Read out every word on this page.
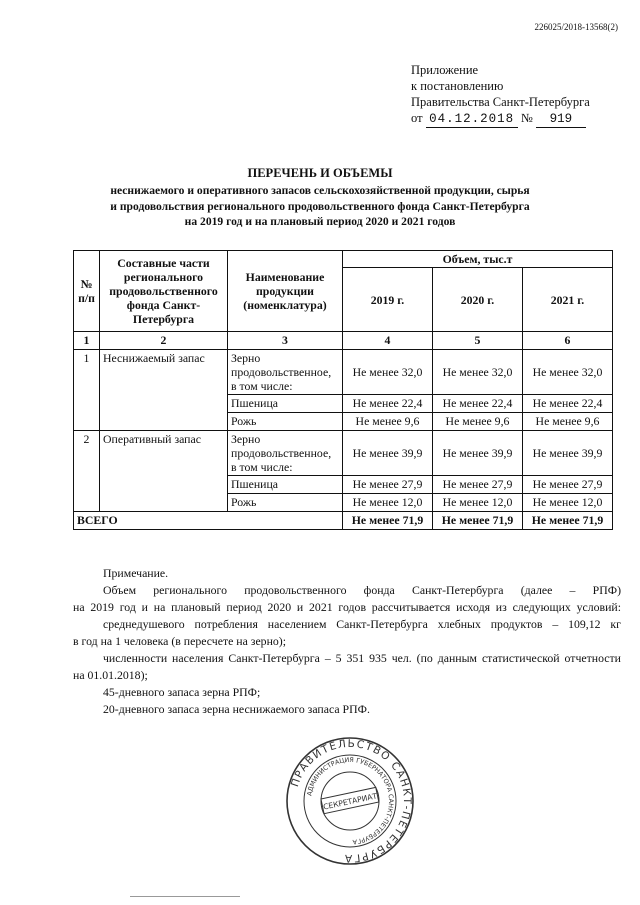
226025/2018-13568(2)
Приложение
к постановлению
Правительства Санкт-Петербурга
от 04.12.2018 № 919
ПЕРЕЧЕНЬ И ОБЪЕМЫ
неснижаемого и оперативного запасов сельскохозяйственной продукции, сырья
и продовольствия регионального продовольственного фонда Санкт-Петербурга
на 2019 год и на плановый период 2020 и 2021 годов
№ п/п	Составные части регионального продовольственного фонда Санкт-Петербурга	Наименование продукции (номенклатура)	Объем, тыс.т		
			2019 г.	2020 г.	2021 г.
1	2	3	4	5	6
1	Неснижаемый запас	Зерно продовольственное, в том числе:	Не менее 32,0	Не менее 32,0	Не менее 32,0
		Пшеница	Не менее 22,4	Не менее 22,4	Не менее 22,4
		Рожь	Не менее 9,6	Не менее 9,6	Не менее 9,6
2	Оперативный запас	Зерно продовольственное, в том числе:	Не менее 39,9	Не менее 39,9	Не менее 39,9
		Пшеница	Не менее 27,9	Не менее 27,9	Не менее 27,9
		Рожь	Не менее 12,0	Не менее 12,0	Не менее 12,0
ВСЕГО			Не менее 71,9	Не менее 71,9	Не менее 71,9
Примечание.
Объем регионального продовольственного фонда Санкт-Петербурга (далее – РПФ)
на 2019 год и на плановый период 2020 и 2021 годов рассчитывается исходя из следующих условий:
среднедушевого потребления населением Санкт-Петербурга хлебных продуктов – 109,12 кг
в год на 1 человека (в пересчете на зерно);
численности населения Санкт-Петербурга – 5 351 935 чел. (по данным статистической отчетности
на 01.01.2018);
45-дневного запаса зерна РПФ;
20-дневного запаса зерна неснижаемого запаса РПФ.
ПРАВИТЕЛЬСТВО САНКТ-ПЕТЕРБУРГА
АДМИНИСТРАЦИЯ ГУБЕРНАТОРА САНКТ-ПЕТЕРБУРГА
СЕКРЕТАРИАТ
